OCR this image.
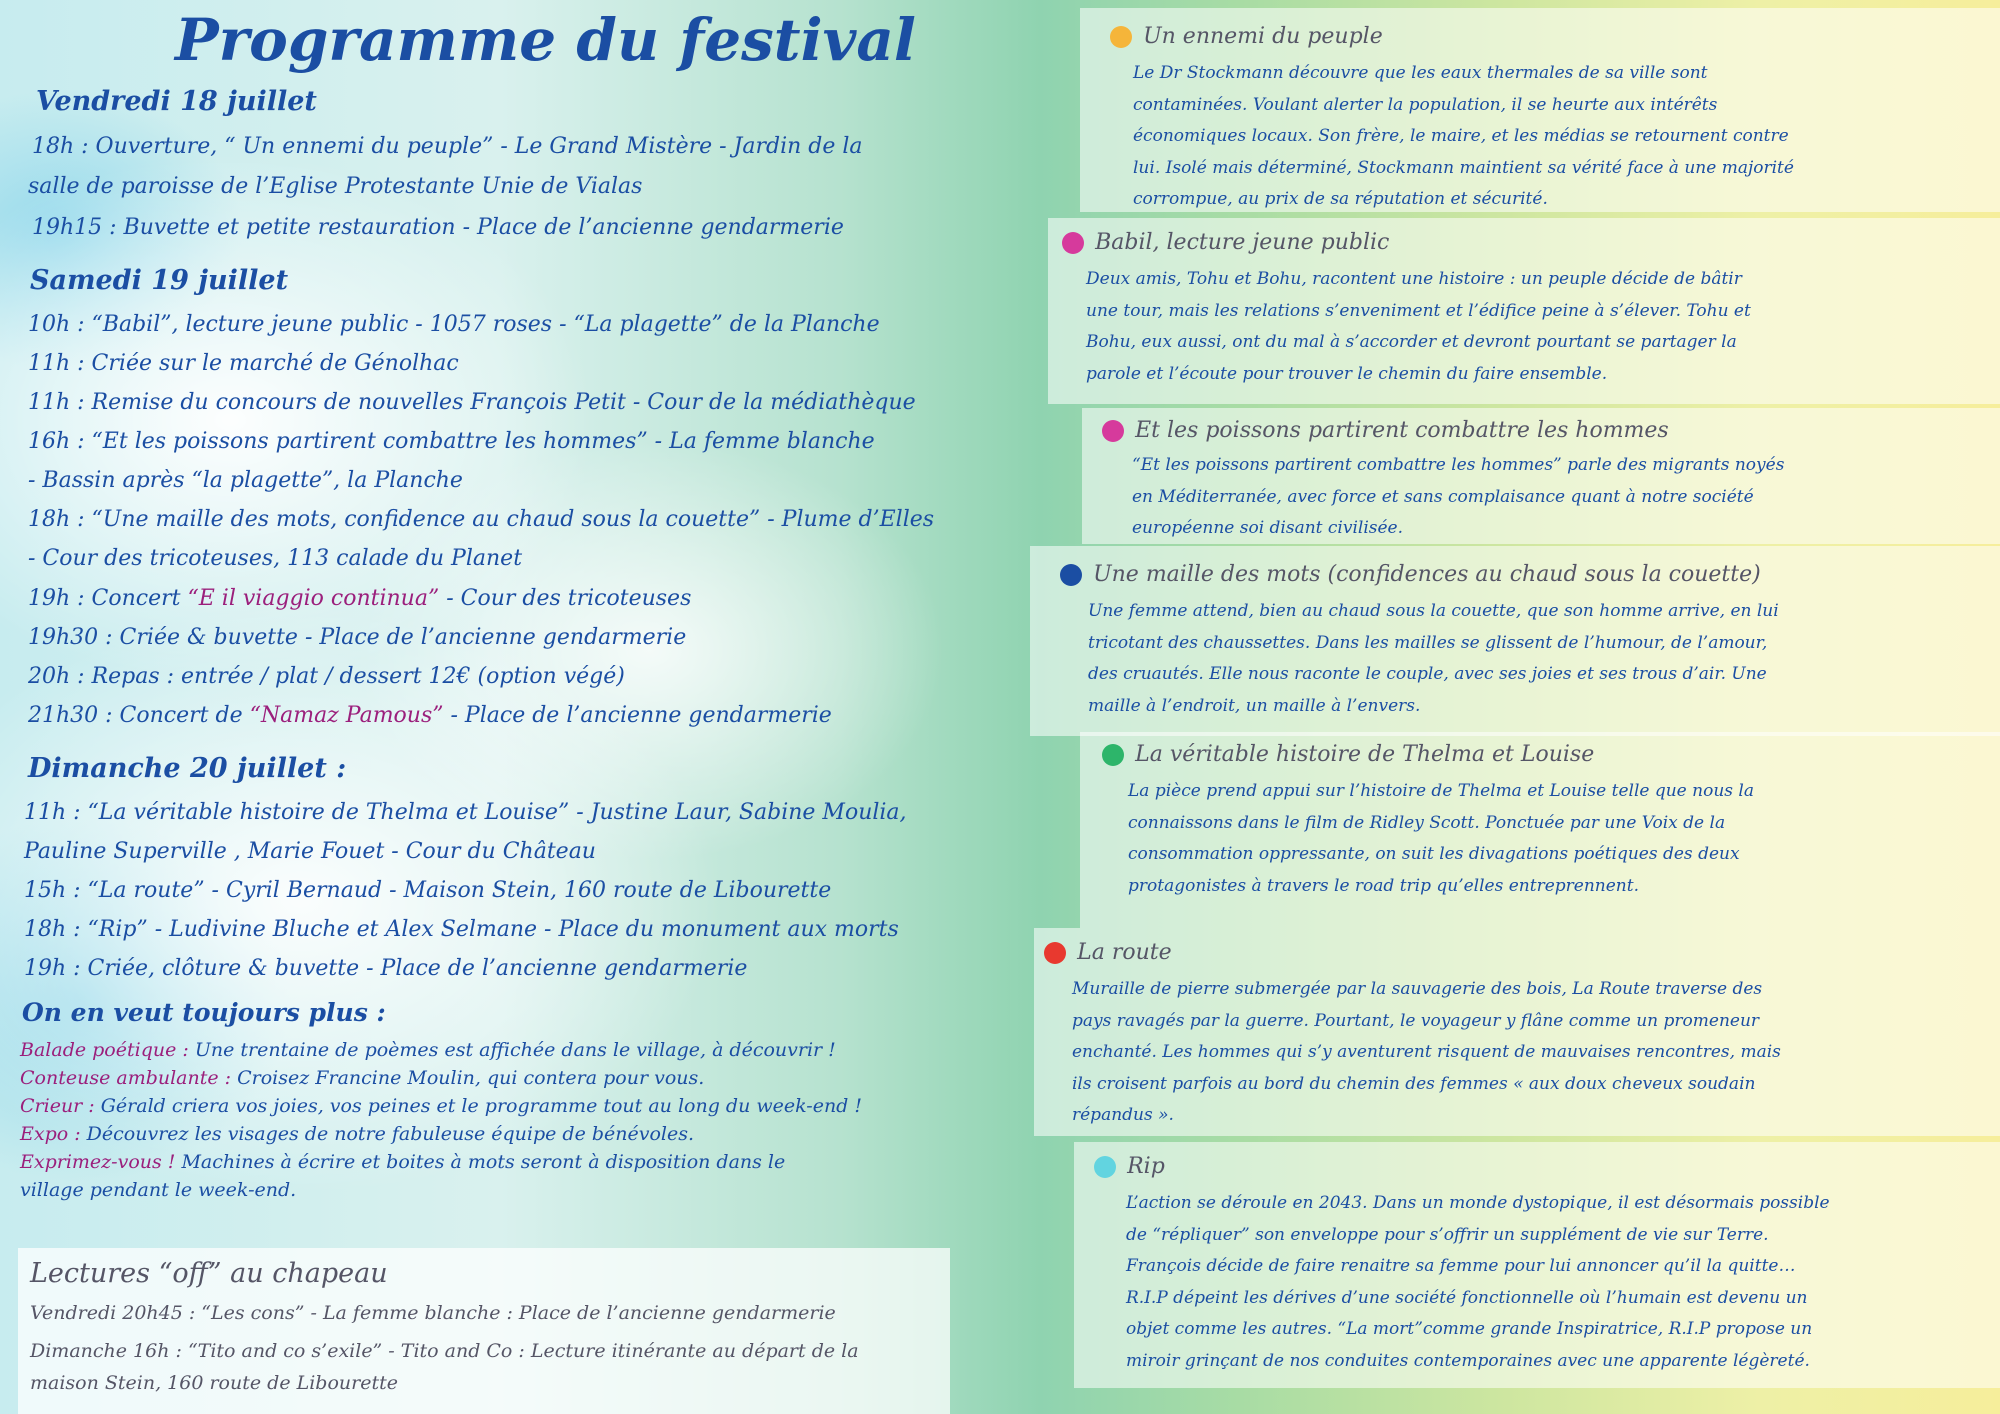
Programme du festival
Vendredi 18 juillet
18h : Ouverture, “ Un ennemi du peuple” - Le Grand Mistère - Jardin de la
salle de paroisse de l’Eglise Protestante Unie de Vialas
19h15 : Buvette et petite restauration - Place de l’ancienne gendarmerie
Samedi 19 juillet
10h : “Babil”, lecture jeune public - 1057 roses - “La plagette” de la Planche
11h : Criée sur le marché de Génolhac
11h : Remise du concours de nouvelles François Petit - Cour de la médiathèque
16h : “Et les poissons partirent combattre les hommes” - La femme blanche
- Bassin après “la plagette”, la Planche
18h : “Une maille des mots, confidence au chaud sous la couette” - Plume d’Elles
- Cour des tricoteuses, 113 calade du Planet
19h : Concert “E il viaggio continua” - Cour des tricoteuses
19h30 : Criée & buvette - Place de l’ancienne gendarmerie
20h : Repas : entrée / plat / dessert 12€ (option végé)
21h30 : Concert de “Namaz Pamous” - Place de l’ancienne gendarmerie
Dimanche 20 juillet :
11h : “La véritable histoire de Thelma et Louise” - Justine Laur, Sabine Moulia,
Pauline Superville , Marie Fouet - Cour du Château
15h : “La route” - Cyril Bernaud - Maison Stein, 160 route de Libourette
18h : “Rip” - Ludivine Bluche et Alex Selmane - Place du monument aux morts
19h : Criée, clôture & buvette - Place de l’ancienne gendarmerie
On en veut toujours plus :
Balade poétique : Une trentaine de poèmes est affichée dans le village, à découvrir !
Conteuse ambulante : Croisez Francine Moulin, qui contera pour vous.
Crieur : Gérald criera vos joies, vos peines et le programme tout au long du week-end !
Expo : Découvrez les visages de notre fabuleuse équipe de bénévoles.
Exprimez-vous ! Machines à écrire et boites à mots seront à disposition dans le
village pendant le week-end.
Lectures “off” au chapeau
Vendredi 20h45 : “Les cons” - La femme blanche : Place de l’ancienne gendarmerie
Dimanche 16h : “Tito and co s’exile” - Tito and Co : Lecture itinérante au départ de la
maison Stein, 160 route de Libourette
Un ennemi du peuple
Le Dr Stockmann découvre que les eaux thermales de sa ville sont
contaminées. Voulant alerter la population, il se heurte aux intérêts
économiques locaux. Son frère, le maire, et les médias se retournent contre
lui. Isolé mais déterminé, Stockmann maintient sa vérité face à une majorité
corrompue, au prix de sa réputation et sécurité.
Babil, lecture jeune public
Deux amis, Tohu et Bohu, racontent une histoire : un peuple décide de bâtir
une tour, mais les relations s’enveniment et l’édifice peine à s’élever. Tohu et
Bohu, eux aussi, ont du mal à s’accorder et devront pourtant se partager la
parole et l’écoute pour trouver le chemin du faire ensemble.
Et les poissons partirent combattre les hommes
“Et les poissons partirent combattre les hommes” parle des migrants noyés
en Méditerranée, avec force et sans complaisance quant à notre société
européenne soi disant civilisée.
Une maille des mots (confidences au chaud sous la couette)
Une femme attend, bien au chaud sous la couette, que son homme arrive, en lui
tricotant des chaussettes. Dans les mailles se glissent de l’humour, de l’amour,
des cruautés. Elle nous raconte le couple, avec ses joies et ses trous d’air. Une
maille à l’endroit, un maille à l’envers.
La véritable histoire de Thelma et Louise
La pièce prend appui sur l’histoire de Thelma et Louise telle que nous la
connaissons dans le film de Ridley Scott. Ponctuée par une Voix de la
consommation oppressante, on suit les divagations poétiques des deux
protagonistes à travers le road trip qu’elles entreprennent.
La route
Muraille de pierre submergée par la sauvagerie des bois, La Route traverse des
pays ravagés par la guerre. Pourtant, le voyageur y flâne comme un promeneur
enchanté. Les hommes qui s’y aventurent risquent de mauvaises rencontres, mais
ils croisent parfois au bord du chemin des femmes « aux doux cheveux soudain
répandus ».
Rip
L’action se déroule en 2043. Dans un monde dystopique, il est désormais possible
de “répliquer” son enveloppe pour s’offrir un supplément de vie sur Terre.
François décide de faire renaitre sa femme pour lui annoncer qu’il la quitte…
R.I.P dépeint les dérives d’une société fonctionnelle où l’humain est devenu un
objet comme les autres. “La mort”comme grande Inspiratrice, R.I.P propose un
miroir grinçant de nos conduites contemporaines avec une apparente légèreté.
